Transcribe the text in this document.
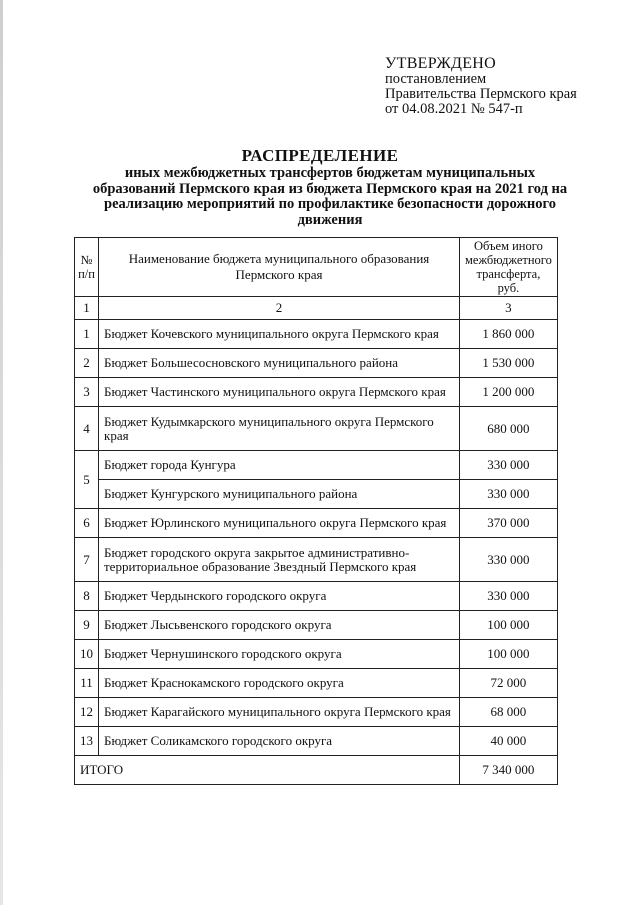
УТВЕРЖДЕНО
постановлением
Правительства Пермского края
от 04.08.2021 № 547-п
РАСПРЕДЕЛЕНИЕ
иных межбюджетных трансфертов бюджетам муниципальных образований Пермского края из бюджета Пермского края на 2021 год на реализацию мероприятий по профилактике безопасности дорожного движения
№ п/п	Наименование бюджета муниципального образования Пермского края	Объем иного межбюджетного трансферта, руб.
1	2	3
1	Бюджет Кочевского муниципального округа Пермского края	1 860 000
2	Бюджет Большесосновского муниципального района	1 530 000
3	Бюджет Частинского муниципального округа Пермского края	1 200 000
4	Бюджет Кудымкарского муниципального округа Пермского края	680 000
5	Бюджет города Кунгура	330 000
	Бюджет Кунгурского муниципального района	330 000
6	Бюджет Юрлинского муниципального округа Пермского края	370 000
7	Бюджет городского округа закрытое административно-территориальное образование Звездный Пермского края	330 000
8	Бюджет Чердынского городского округа	330 000
9	Бюджет Лысьвенского городского округа	100 000
10	Бюджет Чернушинского городского округа	100 000
11	Бюджет Краснокамского городского округа	72 000
12	Бюджет Карагайского муниципального округа Пермского края	68 000
13	Бюджет Соликамского городского округа	40 000
ИТОГО		7 340 000
